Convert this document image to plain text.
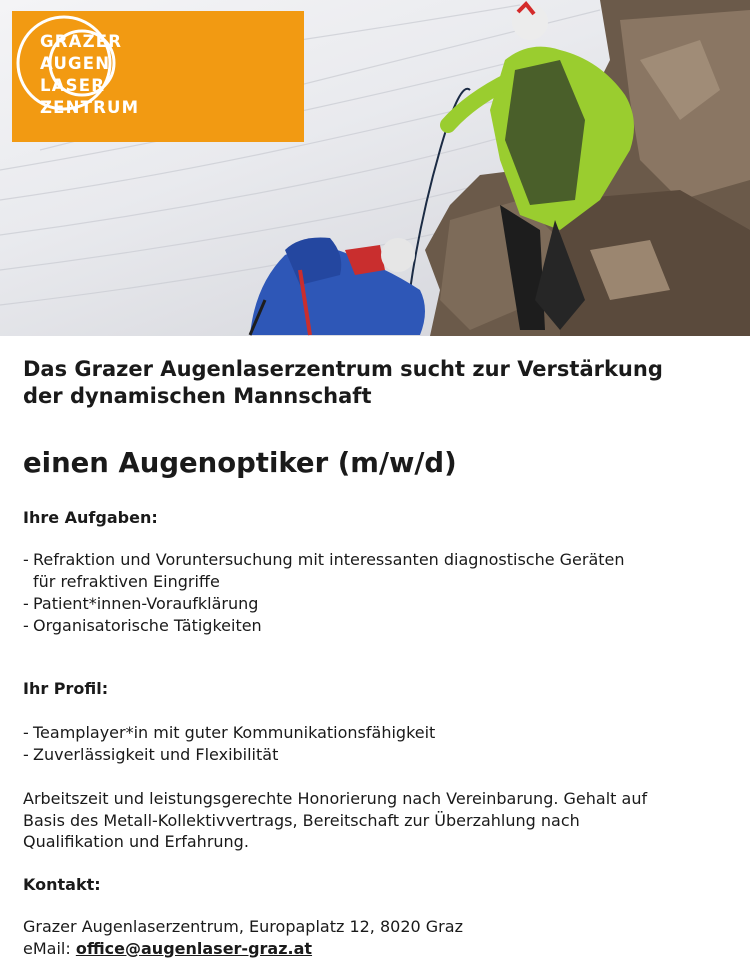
GRAZER
AUGEN
LASER
ZENTRUM

Das Grazer Augenlaserzentrum sucht zur Verstärkung
der dynamischen Mannschaft

einen Augenoptiker (m/w/d)
Ihre Aufgaben:
- Refraktion und Voruntersuchung mit interessanten diagnostische Geräten
für refraktiven Eingriffe
- Patient*innen-Voraufklärung
- Organisatorische Tätigkeiten
Ihr Profil:
- Teamplayer*in mit guter Kommunikationsfähigkeit
- Zuverlässigkeit und Flexibilität

Arbeitszeit und leistungsgerechte Honorierung nach Vereinbarung. Gehalt auf
Basis des Metall-Kollektivvertrags, Bereitschaft zur Überzahlung nach
Qualifikation und Erfahrung.

Kontakt:

Grazer Augenlaserzentrum, Europaplatz 12, 8020 Graz
eMail: office@augenlaser-graz.at
